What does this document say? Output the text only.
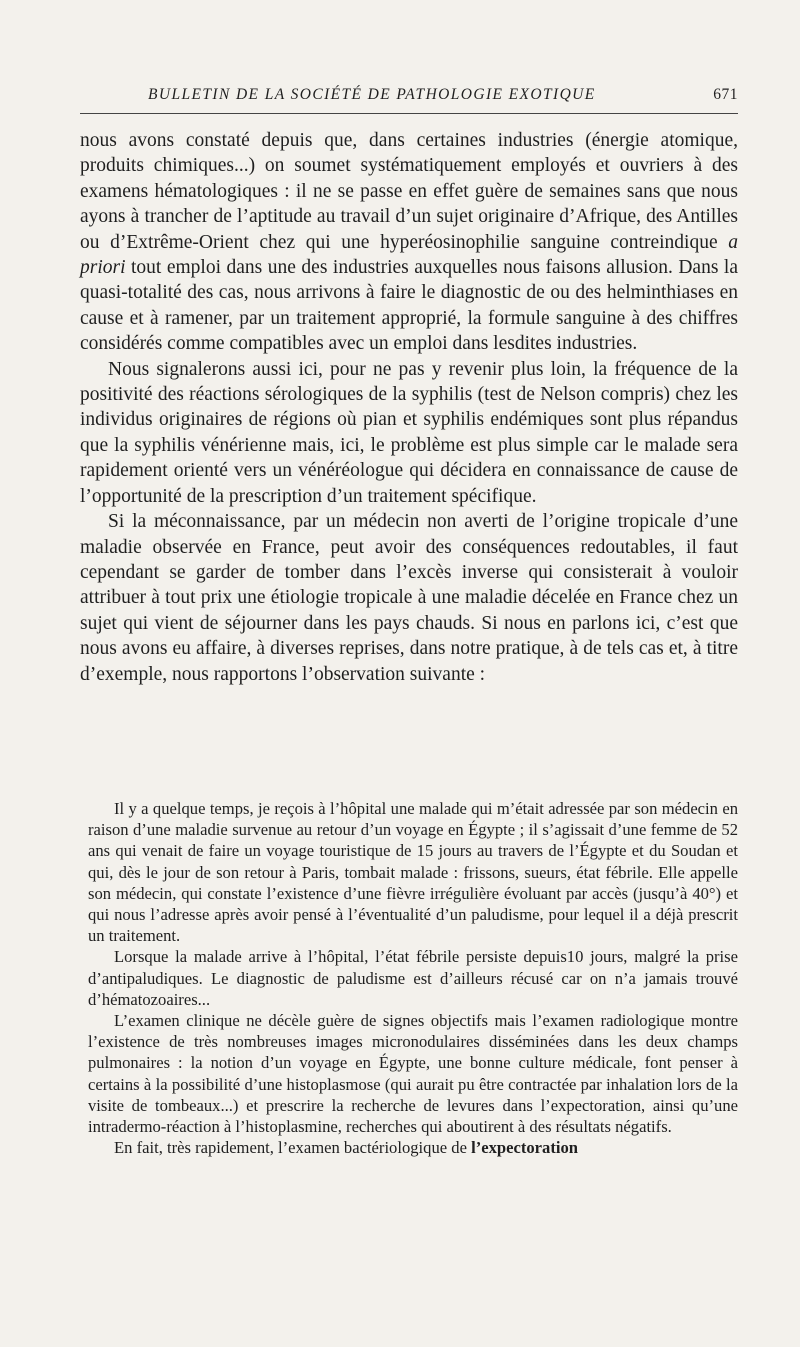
BULLETIN DE LA SOCIÉTÉ DE PATHOLOGIE EXOTIQUE	671

nous avons constaté depuis que, dans certaines industries (énergie atomique, produits chimiques...) on soumet systématiquement employés et ouvriers à des examens hématologiques : il ne se passe en effet guère de semaines sans que nous ayons à trancher de l’aptitude au travail d’un sujet originaire d’Afrique, des Antilles ou d’Extrême-Orient chez qui une hyperéosinophilie sanguine contreindique a priori tout emploi dans une des industries auxquelles nous faisons allusion. Dans la quasi-totalité des cas, nous arrivons à faire le diagnostic de ou des helminthiases en cause et à ramener, par un traitement approprié, la formule sanguine à des chiffres considérés comme compatibles avec un emploi dans lesdites industries.

Nous signalerons aussi ici, pour ne pas y revenir plus loin, la fréquence de la positivité des réactions sérologiques de la syphilis (test de Nelson compris) chez les individus originaires de régions où pian et syphilis endémiques sont plus répandus que la syphilis vénérienne mais, ici, le problème est plus simple car le malade sera rapidement orienté vers un vénéréologue qui décidera en connaissance de cause de l’opportunité de la prescription d’un traitement spécifique.

Si la méconnaissance, par un médecin non averti de l’origine tropicale d’une maladie observée en France, peut avoir des conséquences redoutables, il faut cependant se garder de tomber dans l’excès inverse qui consisterait à vouloir attribuer à tout prix une étiologie tropicale à une maladie décelée en France chez un sujet qui vient de séjourner dans les pays chauds. Si nous en parlons ici, c’est que nous avons eu affaire, à diverses reprises, dans notre pratique, à de tels cas et, à titre d’exemple, nous rapportons l’observation suivante :

Il y a quelque temps, je reçois à l’hôpital une malade qui m’était adressée par son médecin en raison d’une maladie survenue au retour d’un voyage en Égypte ; il s’agissait d’une femme de 52 ans qui venait de faire un voyage touristique de 15 jours au travers de l’Égypte et du Soudan et qui, dès le jour de son retour à Paris, tombait malade : frissons, sueurs, état fébrile. Elle appelle son médecin, qui constate l’existence d’une fièvre irrégulière évoluant par accès (jusqu’à 40°) et qui nous l’adresse après avoir pensé à l’éventualité d’un paludisme, pour lequel il a déjà prescrit un traitement.

Lorsque la malade arrive à l’hôpital, l’état fébrile persiste depuis10 jours, malgré la prise d’antipaludiques. Le diagnostic de paludisme est d’ailleurs récusé car on n’a jamais trouvé d’hématozoaires...

L’examen clinique ne décèle guère de signes objectifs mais l’examen radiologique montre l’existence de très nombreuses images micronodulaires disséminées dans les deux champs pulmonaires : la notion d’un voyage en Égypte, une bonne culture médicale, font penser à certains à la possibilité d’une histoplasmose (qui aurait pu être contractée par inhalation lors de la visite de tombeaux...) et prescrire la recherche de levures dans l’expectoration, ainsi qu’une intradermo-réaction à l’histoplasmine, recherches qui aboutirent à des résultats négatifs.

En fait, très rapidement, l’examen bactériologique de l’expectoration
